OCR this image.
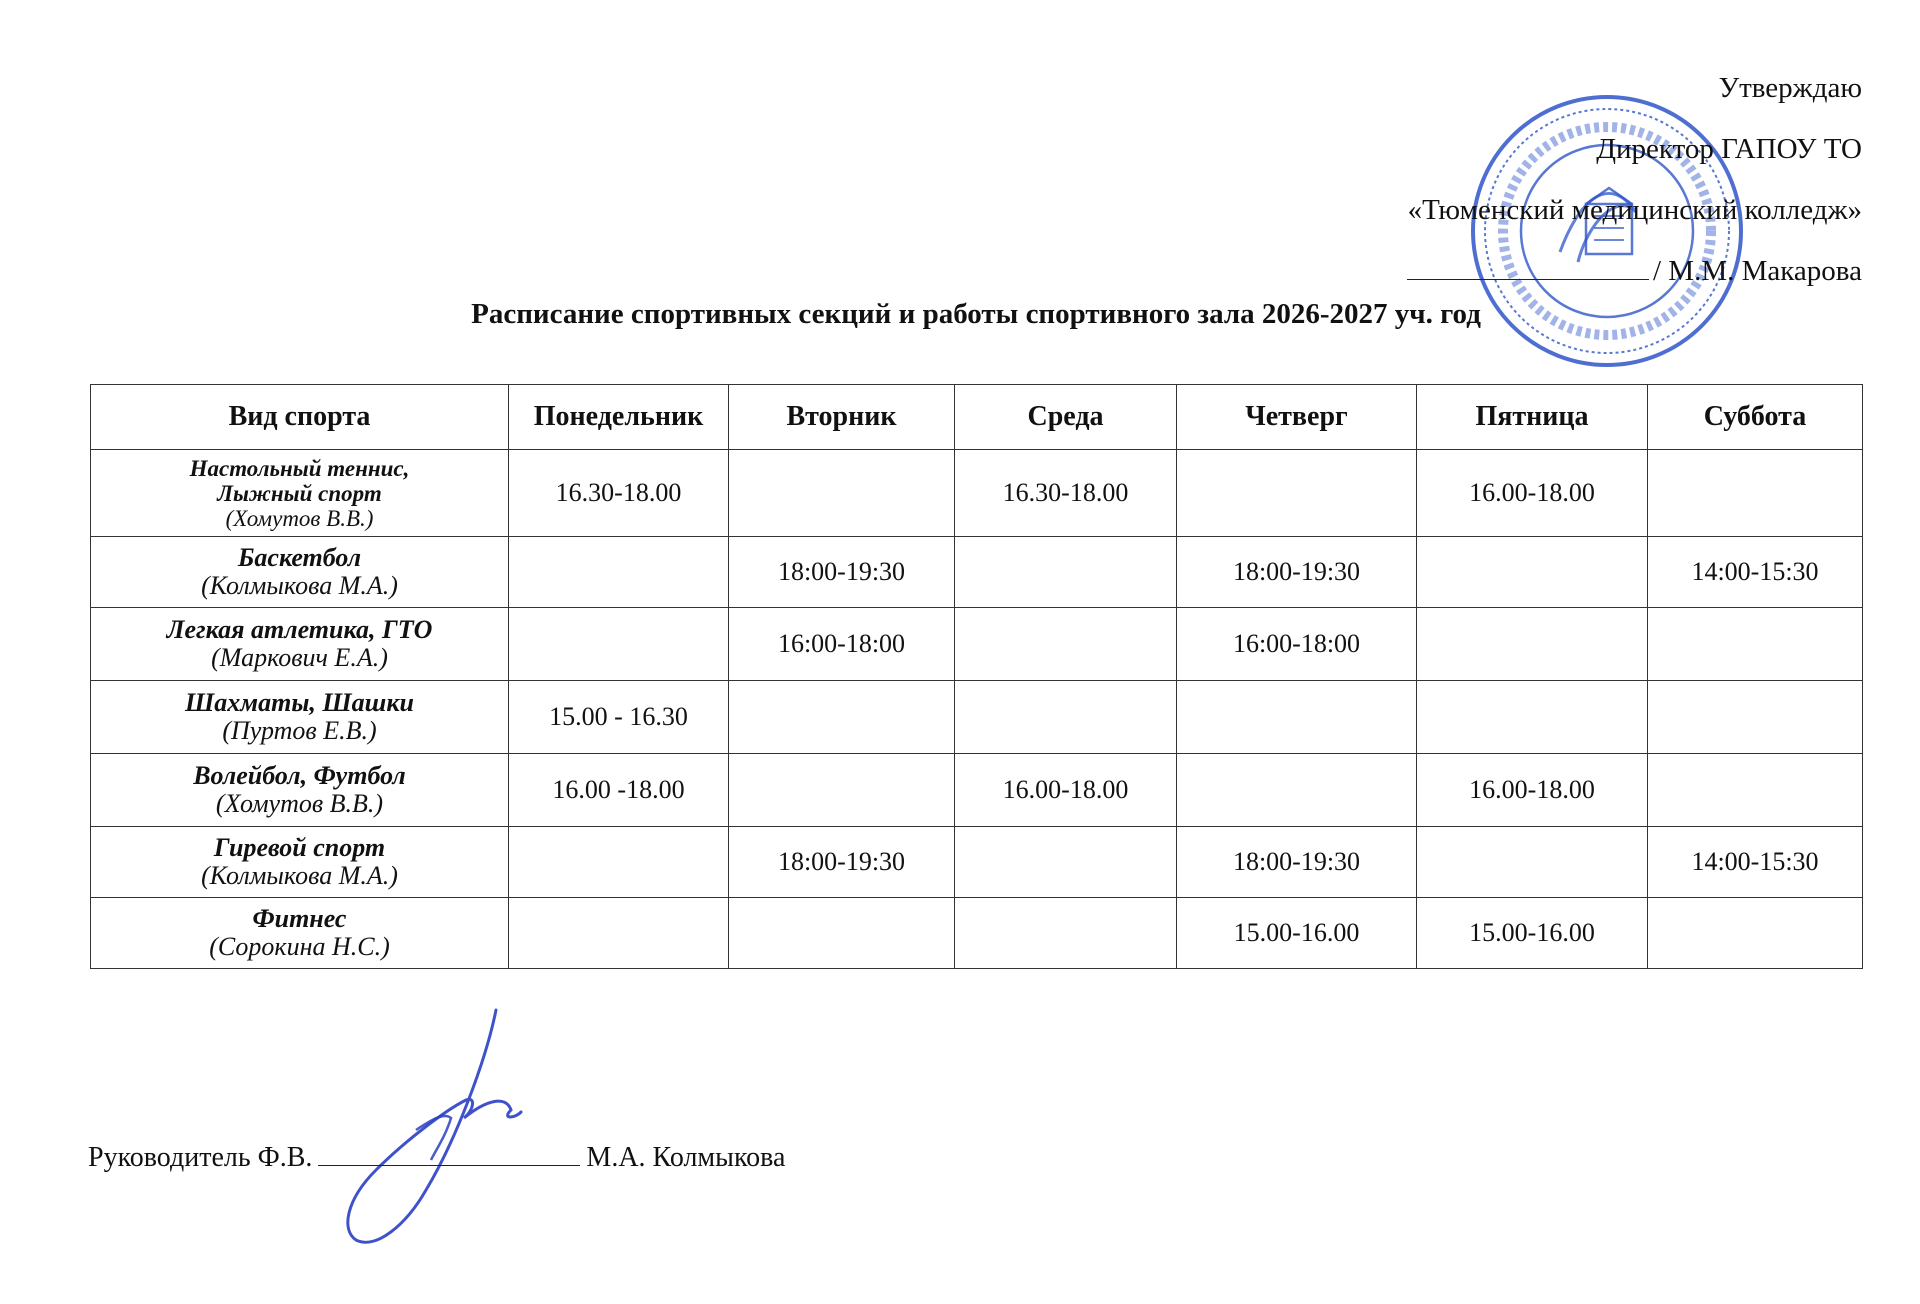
Утверждаю
Директор ГАПОУ ТО
«Тюменский медицинский колледж»
/ М.М. Макарова
Расписание спортивных секций и работы спортивного зала 2026-2027 уч. год
Вид спорта	Понедельник	Вторник	Среда	Четверг	Пятница	Суббота

Настольный теннис,
Лыжный спорт
(Хомутов В.В.)	16.30-18.00		16.30-18.00		16.00-18.00	

Баскетбол
(Колмыкова М.А.)		18:00-19:30		18:00-19:30		14:00-15:30

Легкая атлетика, ГТО
(Маркович Е.А.)		16:00-18:00		16:00-18:00		

Шахматы, Шашки
(Пуртов Е.В.)	15.00 - 16.30					

Волейбол, Футбол
(Хомутов В.В.)	16.00 -18.00		16.00-18.00		16.00-18.00	

Гиревой спорт
(Колмыкова М.А.)		18:00-19:30		18:00-19:30		14:00-15:30

Фитнес
(Сорокина Н.С.)				15.00-16.00	15.00-16.00	
Руководитель Ф.В.	М.А. Колмыкова
